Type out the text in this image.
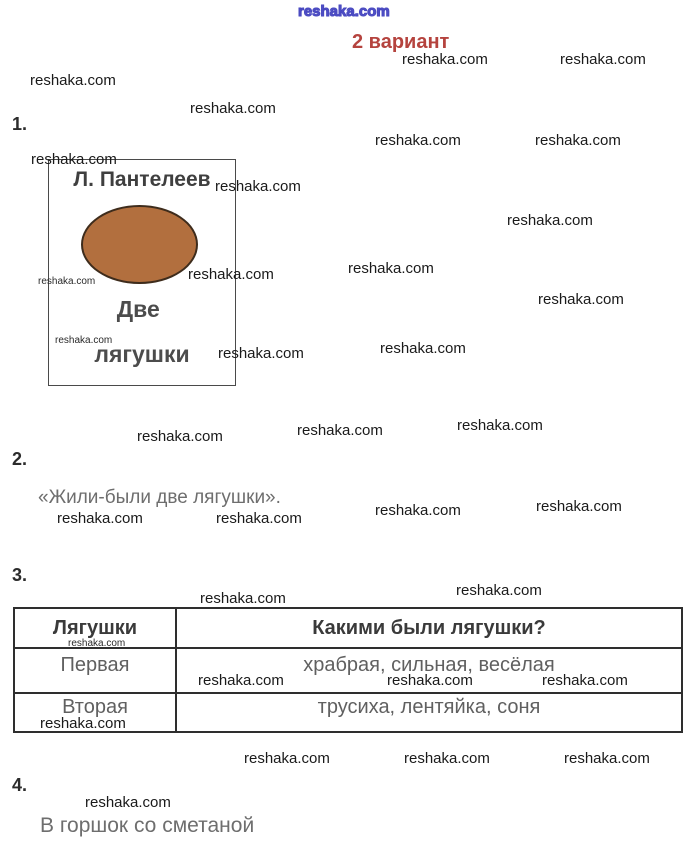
reshaka.com
2 вариант
reshaka.com	reshaka.com
reshaka.com
reshaka.com
reshaka.com	reshaka.com
reshaka.com
reshaka.com
reshaka.com
reshaka.com
reshaka.com
reshaka.com
reshaka.com
reshaka.com	reshaka.com
reshaka.com
reshaka.com	reshaka.com	reshaka.com
reshaka.com	reshaka.com	reshaka.com	reshaka.com
reshaka.com
reshaka.com
reshaka.com
reshaka.com	reshaka.com	reshaka.com
reshaka.com
reshaka.com	reshaka.com	reshaka.com
reshaka.com
1.
2.
3.
4.
Л. Пантелеев
Две
лягушки
«Жили-были две лягушки».
Лягушки	Какими были лягушки?
Первая	храбрая, сильная, весёлая
Вторая	трусиха, лентяйка, соня
В горшок со сметаной
